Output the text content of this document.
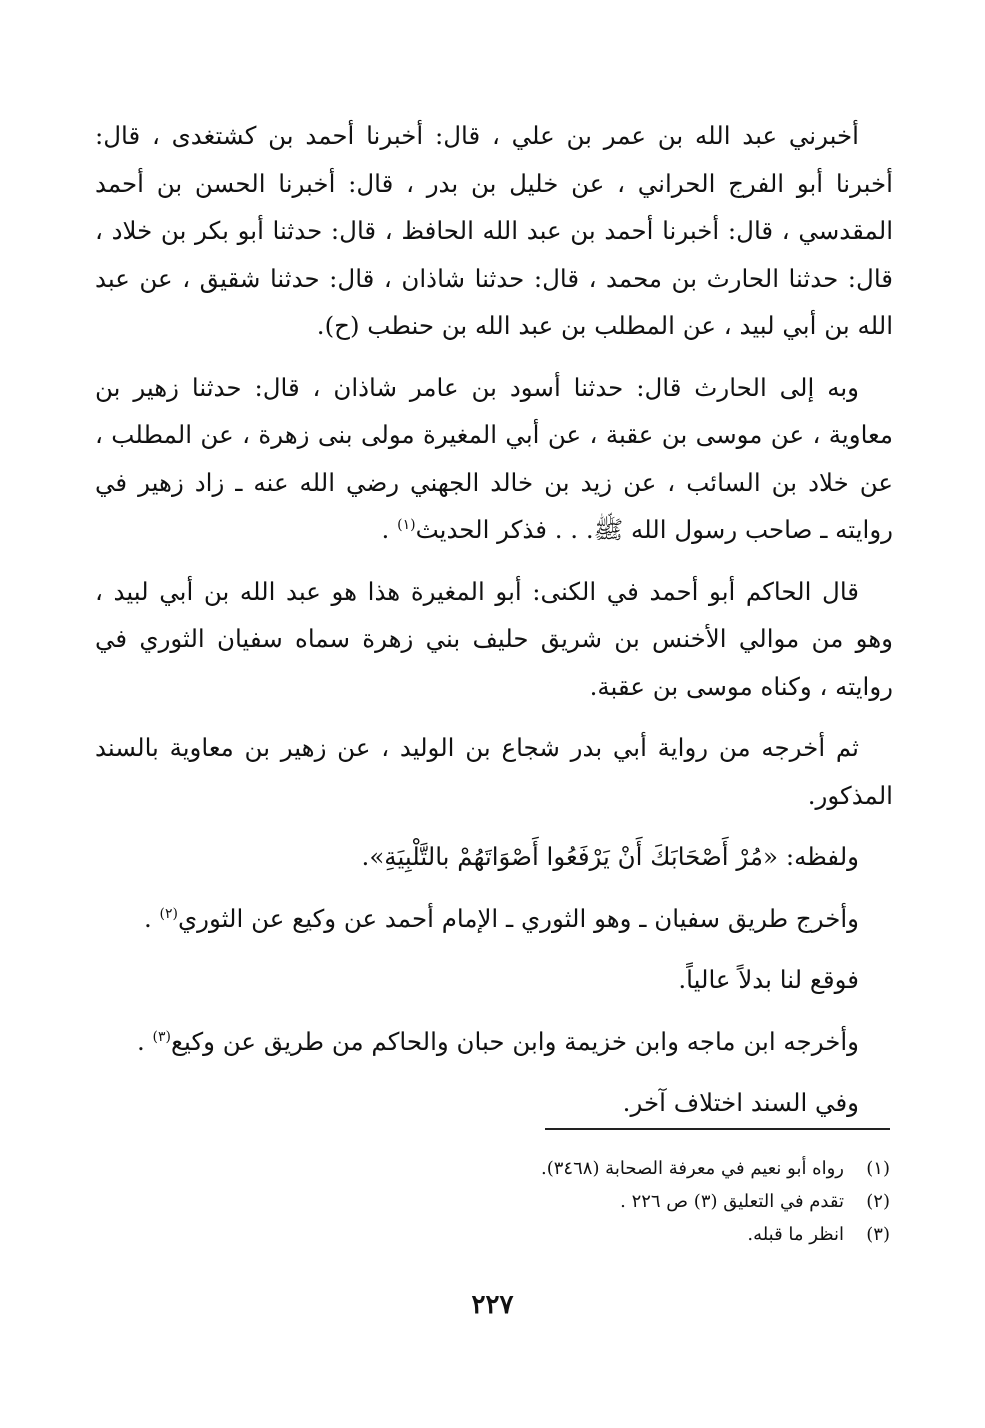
أخبرني عبد الله بن عمر بن علي ، قال: أخبرنا أحمد بن كشتغدى ، قال: أخبرنا أبو الفرج الحراني ، عن خليل بن بدر ، قال: أخبرنا الحسن بن أحمد المقدسي ، قال: أخبرنا أحمد بن عبد الله الحافظ ، قال: حدثنا أبو بكر بن خلاد ، قال: حدثنا الحارث بن محمد ، قال: حدثنا شاذان ، قال: حدثنا شقيق ، عن عبد الله بن أبي لبيد ، عن المطلب بن عبد الله بن حنطب (ح).

وبه إلى الحارث قال: حدثنا أسود بن عامر شاذان ، قال: حدثنا زهير بن معاوية ، عن موسى بن عقبة ، عن أبي المغيرة مولى بنى زهرة ، عن المطلب ، عن خلاد بن السائب ، عن زيد بن خالد الجهني رضي الله عنه ـ زاد زهير في روايته ـ صاحب رسول الله ﷺ. . . فذكر الحديث$^{(١)}$ .

قال الحاكم أبو أحمد في الكنى: أبو المغيرة هذا هو عبد الله بن أبي لبيد ، وهو من موالي الأخنس بن شريق حليف بني زهرة سماه سفيان الثوري في روايته ، وكناه موسى بن عقبة.

ثم أخرجه من رواية أبي بدر شجاع بن الوليد ، عن زهير بن معاوية بالسند المذكور.

ولفظه: «مُرْ أَصْحَابَكَ أَنْ يَرْفَعُوا أَصْوَاتَهُمْ بالتَّلْبِيَةِ».

وأخرج طريق سفيان ـ وهو الثوري ـ الإمام أحمد عن وكيع عن الثوري$^{(٢)}$ .

فوقع لنا بدلاً عالياً.

وأخرجه ابن ماجه وابن خزيمة وابن حبان والحاكم من طريق عن وكيع$^{(٣)}$ .

وفي السند اختلاف آخر.

(١)
رواه أبو نعيم في معرفة الصحابة (٣٤٦٨).
(٢)
تقدم في التعليق (٣) ص ٢٢٦ .
(٣)
انظر ما قبله.
٢٢٧
